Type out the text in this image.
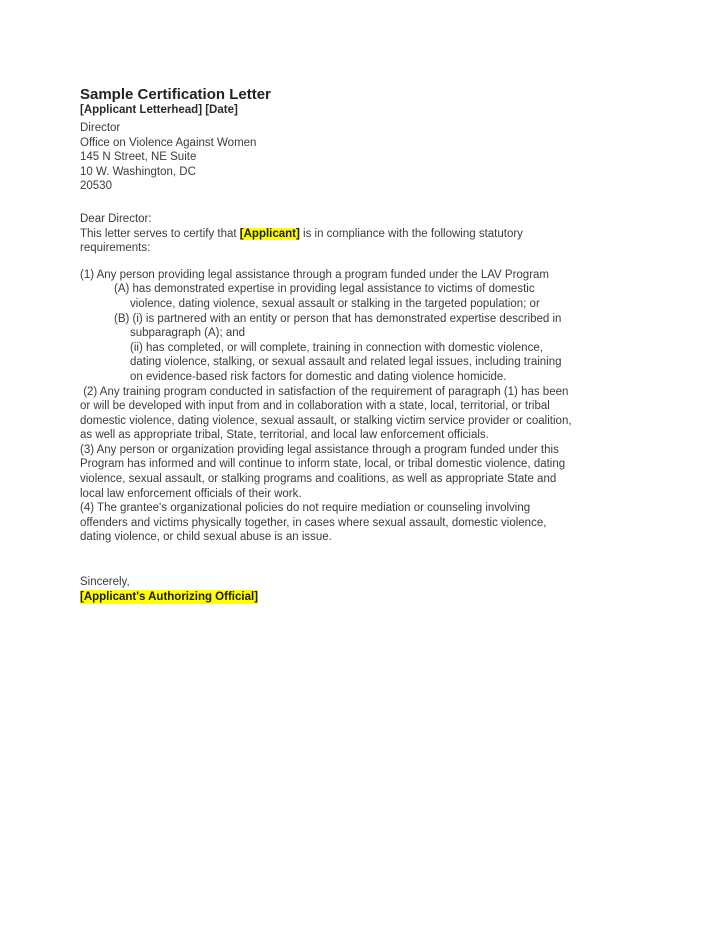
Sample Certification Letter
[Applicant Letterhead] [Date]
Director
Office on Violence Against Women
145 N Street, NE Suite
10 W. Washington, DC
20530
Dear Director:
This letter serves to certify that [Applicant] is in compliance with the following statutory
requirements:
(1) Any person providing legal assistance through a program funded under the LAV Program
(A) has demonstrated expertise in providing legal assistance to victims of domestic
violence, dating violence, sexual assault or stalking in the targeted population; or
(B) (i) is partnered with an entity or person that has demonstrated expertise described in
subparagraph (A); and
(ii) has completed, or will complete, training in connection with domestic violence,
dating violence, stalking, or sexual assault and related legal issues, including training
on evidence-based risk factors for domestic and dating violence homicide.
(2) Any training program conducted in satisfaction of the requirement of paragraph (1) has been
or will be developed with input from and in collaboration with a state, local, territorial, or tribal
domestic violence, dating violence, sexual assault, or stalking victim service provider or coalition,
as well as appropriate tribal, State, territorial, and local law enforcement officials.
(3) Any person or organization providing legal assistance through a program funded under this
Program has informed and will continue to inform state, local, or tribal domestic violence, dating
violence, sexual assault, or stalking programs and coalitions, as well as appropriate State and
local law enforcement officials of their work.
(4) The grantee's organizational policies do not require mediation or counseling involving
offenders and victims physically together, in cases where sexual assault, domestic violence,
dating violence, or child sexual abuse is an issue.
Sincerely,
[Applicant's Authorizing Official]
